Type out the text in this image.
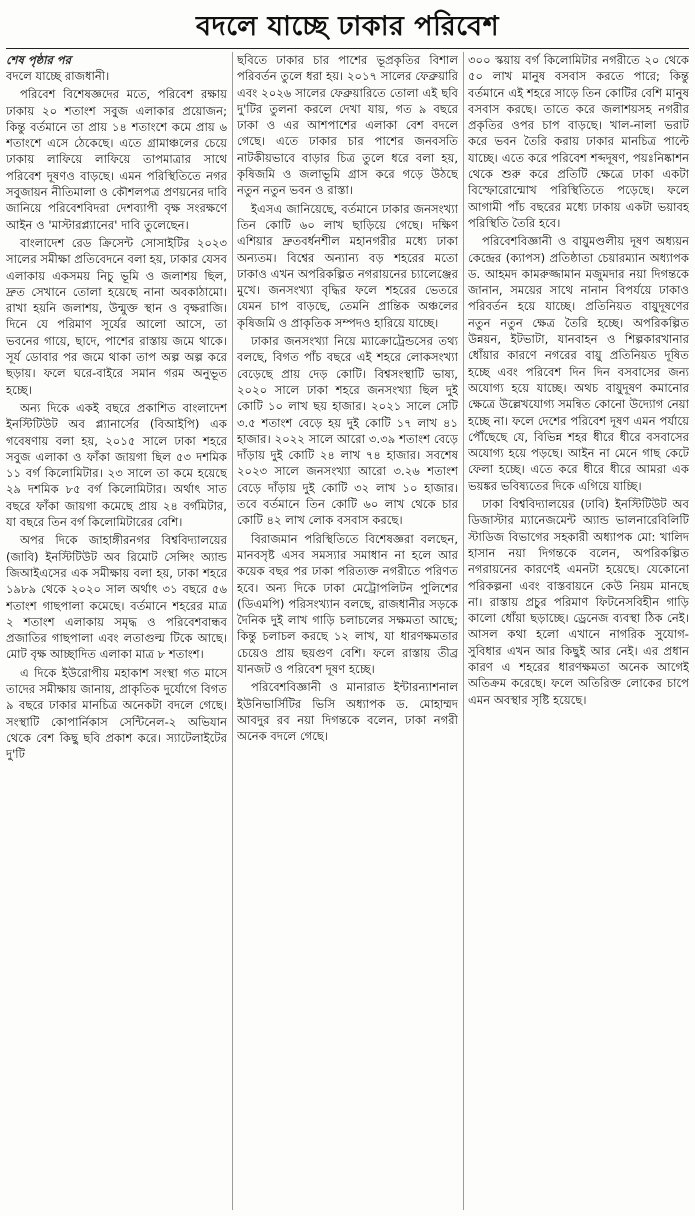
বদলে যাচ্ছে ঢাকার পরিবেশ

শেষ পৃষ্ঠার পর

বদলে যাচ্ছে রাজধানী।

পরিবেশ বিশেষজ্ঞদের মতে, পরিবেশ রক্ষায় ঢাকায় ২০ শতাংশ সবুজ এলাকার প্রয়োজন; কিন্তু বর্তমানে তা প্রায় ১৪ শতাংশে কমে প্রায় ৬ শতাংশে এসে ঠেকেছে। এতে গ্রামাঞ্চলের চেয়ে ঢাকায় লাফিয়ে লাফিয়ে তাপমাত্রার সাথে পরিবেশ দূষণও বাড়ছে। এমন পরিস্থিতিতে নগর সবুজায়ন নীতিমালা ও কৌশলপত্র প্রণয়নের দাবি জানিয়ে পরিবেশবিদরা দেশব্যাপী বৃক্ষ সংরক্ষণে আইন ও 'মাস্টারপ্ল্যানের' দাবি তুলেছেন।

বাংলাদেশ রেড ক্রিসেন্ট সোসাইটির ২০২৩ সালের সমীক্ষা প্রতিবেদনে বলা হয়, ঢাকার যেসব এলাকায় একসময় নিচু ভূমি ও জলাশয় ছিল, দ্রুত সেখানে তোলা হয়েছে নানা অবকাঠামো। রাখা হয়নি জলাশয়, উন্মুক্ত স্থান ও বৃক্ষরাজি। দিনে যে পরিমাণ সূর্যের আলো আসে, তা ভবনের গায়ে, ছাদে, পাশের রাস্তায় জমে থাকে। সূর্য ডোবার পর জমে থাকা তাপ অল্প অল্প করে ছড়ায়। ফলে ঘরে-বাইরে সমান গরম অনুভূত হচ্ছে।

অন্য দিকে একই বছরে প্রকাশিত বাংলাদেশ ইনস্টিটিউট অব প্ল্যানার্সের (বিআইপি) এক গবেষণায় বলা হয়, ২০১৫ সালে ঢাকা শহরে সবুজ এলাকা ও ফাঁকা জায়গা ছিল ৫৩ দশমিক ১১ বর্গ কিলোমিটার। ২৩ সালে তা কমে হয়েছে ২৯ দশমিক ৮৫ বর্গ কিলোমিটার। অর্থাৎ সাত বছরে ফাঁকা জায়গা কমেছে প্রায় ২৪ বর্গমিটার, যা বছরে তিন বর্গ কিলোমিটারের বেশি।

অপর দিকে জাহাঙ্গীরনগর বিশ্ববিদ্যালয়ের (জাবি) ইনস্টিটিউট অব রিমোট সেন্সিং অ্যান্ড জিআইএসের এক সমীক্ষায় বলা হয়, ঢাকা শহরে ১৯৮৯ থেকে ২০২০ সাল অর্থাৎ ৩১ বছরে ৫৬ শতাংশ গাছপালা কমেছে। বর্তমানে শহরের মাত্র ২ শতাংশ এলাকায় সমৃদ্ধ ও পরিবেশবান্ধব প্রজাতির গাছপালা এবং লতাগুল্ম টিকে আছে। মোট বৃক্ষ আচ্ছাদিত এলাকা মাত্র ৮ শতাংশ।

এ দিকে ইউরোপীয় মহাকাশ সংস্থা গত মাসে তাদের সমীক্ষায় জানায়, প্রাকৃতিক দুর্যোগে বিগত ৯ বছরে ঢাকার মানচিত্র অনেকটা বদলে গেছে। সংস্থাটি কোপার্নিকাস সেন্টিনেল-২ অভিযান থেকে বেশ কিছু ছবি প্রকাশ করে। স্যাটেলাইটের দু'টি

ছবিতে ঢাকার চার পাশের ভূপ্রকৃতির বিশাল পরিবর্তন তুলে ধরা হয়। ২০১৭ সালের ফেব্রুয়ারি এবং ২০২৬ সালের ফেব্রুয়ারিতে তোলা এই ছবি দু'টির তুলনা করলে দেখা যায়, গত ৯ বছরে ঢাকা ও এর আশপাশের এলাকা বেশ বদলে গেছে। এতে ঢাকার চার পাশের জনবসতি নাটকীয়ভাবে বাড়ার চিত্র তুলে ধরে বলা হয়, কৃষিজমি ও জলাভূমি গ্রাস করে গড়ে উঠছে নতুন নতুন ভবন ও রাস্তা।

ইএসএ জানিয়েছে, বর্তমানে ঢাকার জনসংখ্যা তিন কোটি ৬০ লাখ ছাড়িয়ে গেছে। দক্ষিণ এশিয়ার দ্রুতবর্ধনশীল মহানগরীর মধ্যে ঢাকা অন্যতম। বিশ্বের অন্যান্য বড় শহরের মতো ঢাকাও এখন অপরিকল্পিত নগরায়নের চ্যালেঞ্জের মুখে। জনসংখ্যা বৃদ্ধির ফলে শহরের ভেতরে যেমন চাপ বাড়ছে, তেমনি প্রান্তিক অঞ্চলের কৃষিজমি ও প্রাকৃতিক সম্পদও হারিয়ে যাচ্ছে।

ঢাকার জনসংখ্যা নিয়ে ম্যাক্রোট্রেন্ডসের তথ্য বলছে, বিগত পাঁচ বছরে এই শহরে লোকসংখ্যা বেড়েছে প্রায় দেড় কোটি। বিশ্বসংস্থাটি ভাষ্য, ২০২০ সালে ঢাকা শহরে জনসংখ্যা ছিল দুই কোটি ১০ লাখ ছয় হাজার। ২০২১ সালে সেটি ৩.৫ শতাংশ বেড়ে হয় দুই কোটি ১৭ লাখ ৪১ হাজার। ২০২২ সালে আরো ৩.৩৯ শতাংশ বেড়ে দাঁড়ায় দুই কোটি ২৪ লাখ ৭৪ হাজার। সবশেষ ২০২৩ সালে জনসংখ্যা আরো ৩.২৬ শতাংশ বেড়ে দাঁড়ায় দুই কোটি ৩২ লাখ ১০ হাজার। তবে বর্তমানে তিন কোটি ৬০ লাখ থেকে চার কোটি ৪২ লাখ লোক বসবাস করছে।

বিরাজমান পরিস্থিতিতে বিশেষজ্ঞরা বলছেন, মানবসৃষ্ট এসব সমস্যার সমাধান না হলে আর কয়েক বছর পর ঢাকা পরিত্যক্ত নগরীতে পরিণত হবে। অন্য দিকে ঢাকা মেট্রোপলিটন পুলিশের (ডিএমপি) পরিসংখ্যান বলছে, রাজধানীর সড়কে দৈনিক দুই লাখ গাড়ি চলাচলের সক্ষমতা আছে; কিন্তু চলাচল করছে ১২ লাখ, যা ধারণক্ষমতার চেয়েও প্রায় ছয়গুণ বেশি। ফলে রাস্তায় তীব্র যানজট ও পরিবেশ দূষণ হচ্ছে।

পরিবেশবিজ্ঞানী ও মানারাত ইন্টারন্যাশনাল ইউনিভার্সিটির ভিসি অধ্যাপক ড. মোহাম্মদ আবদুর রব নয়া দিগন্তকে বলেন, ঢাকা নগরী অনেক বদলে গেছে।

৩০০ স্কয়ায় বর্গ কিলোমিটার নগরীতে ২০ থেকে ৫০ লাখ মানুষ বসবাস করতে পারে; কিন্তু বর্তমানে এই শহরে সাড়ে তিন কোটির বেশি মানুষ বসবাস করছে। তাতে করে জলাশয়সহ নগরীর প্রকৃতির ওপর চাপ বাড়ছে। খাল-নালা ভরাট করে ভবন তৈরি করায় ঢাকার মানচিত্র পাল্টে যাচ্ছে। এতে করে পরিবেশ শব্দদূষণ, পয়ঃনিষ্কাশন থেকে শুরু করে প্রতিটি ক্ষেত্রে ঢাকা একটা বিস্ফোরোন্মোখ পরিস্থিতিতে পড়েছে। ফলে আগামী পাঁচ বছরের মধ্যে ঢাকায় একটা ভয়াবহ পরিস্থিতি তৈরি হবে।

পরিবেশবিজ্ঞানী ও বায়ুমণ্ডলীয় দূষণ অধ্যয়ন কেন্দ্রের (ক্যাপস) প্রতিষ্ঠাতা চেয়ারম্যান অধ্যাপক ড. আহমদ কামরুজ্জামান মজুমদার নয়া দিগন্তকে জানান, সময়ের সাথে নানান বিপর্যয়ে ঢাকাও পরিবর্তন হয়ে যাচ্ছে। প্রতিনিয়ত বায়ুদূষণের নতুন নতুন ক্ষেত্র তৈরি হচ্ছে। অপরিকল্পিত উন্নয়ন, ইটভাটা, যানবাহন ও শিল্পকারখানার ধোঁয়ার কারণে নগরের বায়ু প্রতিনিয়ত দূষিত হচ্ছে এবং পরিবেশ দিন দিন বসবাসের জন্য অযোগ্য হয়ে যাচ্ছে। অথচ বায়ুদূষণ কমানোর ক্ষেত্রে উল্লেখযোগ্য সমন্বিত কোনো উদ্যোগ নেয়া হচ্ছে না। ফলে দেশের পরিবেশ দূষণ এমন পর্যায়ে পৌঁছেছে যে, বিভিন্ন শহর ধীরে ধীরে বসবাসের অযোগ্য হয়ে পড়ছে। আইন না মেনে গাছ কেটে ফেলা হচ্ছে। এতে করে ধীরে ধীরে আমরা এক ভয়ঙ্কর ভবিষ্যতের দিকে এগিয়ে যাচ্ছি।

ঢাকা বিশ্ববিদ্যালয়ের (ঢাবি) ইনস্টিটিউট অব ডিজাস্টার ম্যানেজমেন্ট অ্যান্ড ভালনারেবিলিটি স্টাডিজ বিভাগের সহকারী অধ্যাপক মো: খালিদ হাসান নয়া দিগন্তকে বলেন, অপরিকল্পিত নগরায়নের কারণেই এমনটা হয়েছে। যেকোনো পরিকল্পনা এবং বাস্তবায়নে কেউ নিয়ম মানছে না। রাস্তায় প্রচুর পরিমাণ ফিটনেসবিহীন গাড়ি কালো ধোঁয়া ছড়াচ্ছে। ড্রেনেজ ব্যবস্থা ঠিক নেই। আসল কথা হলো এখানে নাগরিক সুযোগ-সুবিধার এখন আর কিছুই আর নেই। এর প্রধান কারণ এ শহরের ধারণক্ষমতা অনেক আগেই অতিক্রম করেছে। ফলে অতিরিক্ত লোকের চাপে এমন অবস্থার সৃষ্টি হয়েছে।
